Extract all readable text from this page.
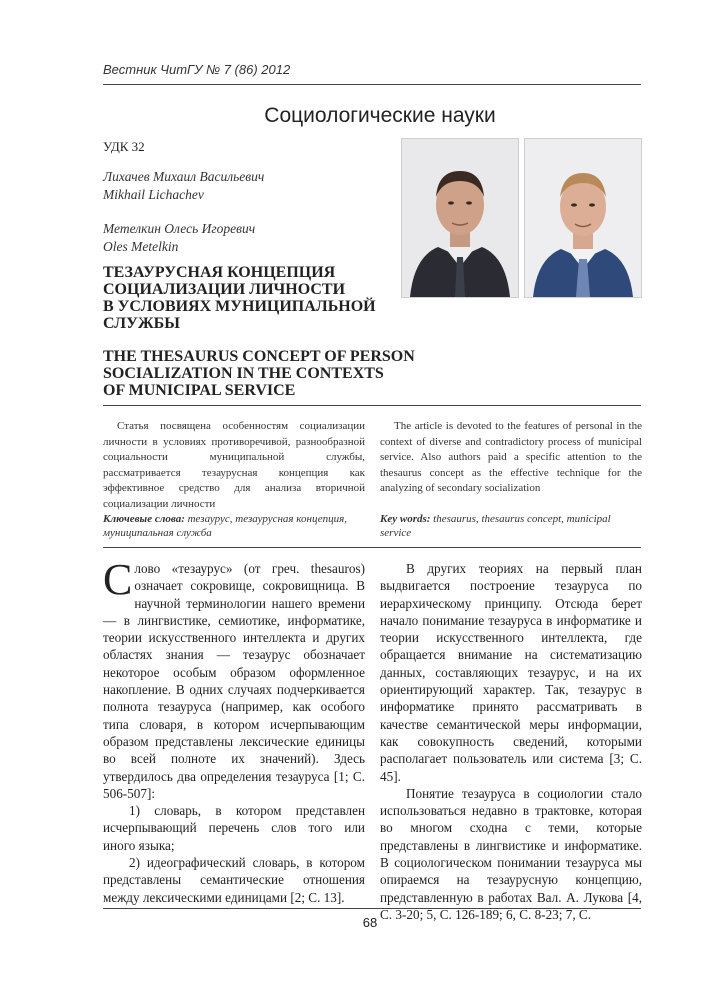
Вестник ЧитГУ № 7 (86) 2012
Социологические науки
УДК 32
Лихачев Михаил Васильевич
Mikhail Lichachev
Метелкин Олесь Игоревич
Oles Metelkin
ТЕЗАУРУСНАЯ КОНЦЕПЦИЯ
СОЦИАЛИЗАЦИИ ЛИЧНОСТИ
В УСЛОВИЯХ МУНИЦИПАЛЬНОЙ
СЛУЖБЫ
THE THESAURUS CONCEPT OF PERSON
SOCIALIZATION IN THE CONTEXTS
OF MUNICIPAL SERVICE
Статья посвящена особенностям социализации личности в условиях противоречивой, разнообразной социальности муниципальной службы, рассматривается тезаурусная концепция как эффективное средство для анализа вторичной социализации личности
The article is devoted to the features of personal in the context of diverse and contradictory process of municipal service. Also authors paid a specific attention to the thesaurus concept as the effective technique for the analyzing of secondary socialization
Ключевые слова: тезаурус, тезаурусная концепция, муниципальная служба
Key words: thesaurus, thesaurus concept, municipal service

Слово «тезаурус» (от греч. thesauros) означает сокровище, сокровищница. В научной терминологии нашего времени — в лингвистике, семиотике, информатике, теории искусственного интеллекта и других областях знания — тезаурус обозначает некоторое особым образом оформленное накопление. В одних случаях подчеркивается полнота тезауруса (например, как особого типа словаря, в котором исчерпывающим образом представлены лексические единицы во всей полноте их значений). Здесь утвердилось два определения тезауруса [1; С. 506-507]:

1) словарь, в котором представлен исчерпывающий перечень слов того или иного языка;

2) идеографический словарь, в котором представлены семантические отношения между лексическими единицами [2; С. 13].

В других теориях на первый план выдвигается построение тезауруса по иерархическому принципу. Отсюда берет начало понимание тезауруса в информатике и теории искусственного интеллекта, где обращается внимание на систематизацию данных, составляющих тезаурус, и на их ориентирующий характер. Так, тезаурус в информатике принято рассматривать в качестве семантической меры информации, как совокупность сведений, которыми располагает пользователь или система [3; С. 45].

Понятие тезауруса в социологии стало использоваться недавно в трактовке, которая во многом сходна с теми, которые представлены в лингвистике и информатике. В социологическом понимании тезауруса мы опираемся на тезаурусную концепцию, представленную в работах Вал. А. Лукова [4, С. 3-20; 5, С. 126-189; 6, С. 8-23; 7, С.

68
